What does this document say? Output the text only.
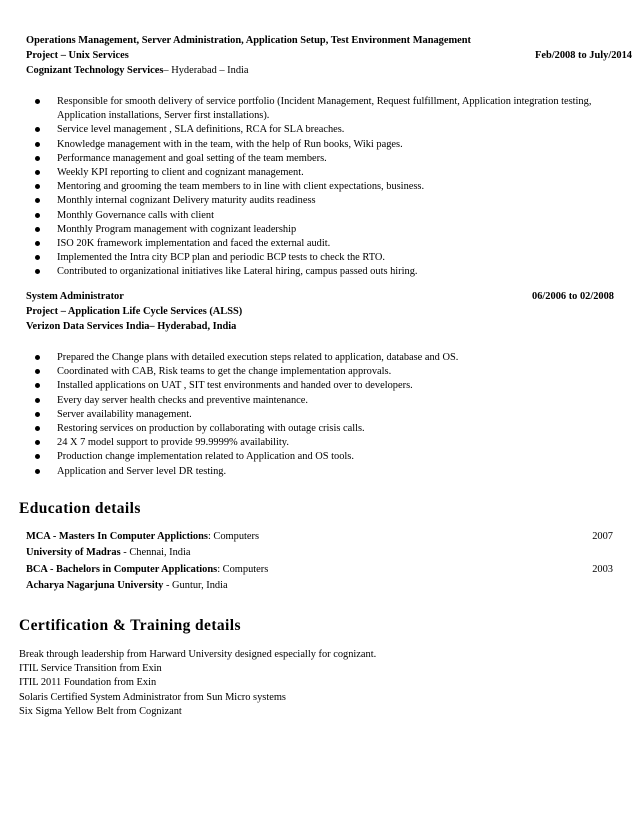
Operations Management, Server Administration, Application Setup, Test Environment Management
Project – Unix Services	Feb/2008 to July/2014
Cognizant Technology Services– Hyderabad – India
Responsible for smooth delivery of service portfolio (Incident Management, Request fulfillment, Application integration testing,
Application installations, Server first installations).
Service level management , SLA definitions, RCA for SLA breaches.
Knowledge management with in the team, with the help of Run books, Wiki pages.
Performance management and goal setting of the team members.
Weekly KPI reporting to client and cognizant management.
Mentoring and grooming the team members to in line with client expectations, business.
Monthly internal cognizant Delivery maturity audits readiness
Monthly Governance calls with client
Monthly Program management with cognizant leadership
ISO 20K framework implementation and faced the external audit.
Implemented the Intra city BCP plan and periodic BCP tests to check the RTO.
Contributed to organizational initiatives like Lateral hiring, campus passed outs hiring.
System Administrator	06/2006 to 02/2008
Project – Application Life Cycle Services (ALSS)
Verizon Data Services India– Hyderabad, India
Prepared the Change plans with detailed execution steps related to application, database and OS.
Coordinated with CAB, Risk teams to get the change implementation approvals.
Installed applications on UAT , SIT test environments and handed over to developers.
Every day server health checks and preventive maintenance.
Server availability management.
Restoring services on production by collaborating with outage crisis calls.
24 X 7 model support to provide 99.9999% availability.
Production change implementation related to Application and OS tools.
Application and Server level DR testing.
Education details
MCA - Masters In Computer Applictions: Computers	2007
University of Madras - Chennai, India
BCA - Bachelors in Computer Applications: Computers	2003
Acharya Nagarjuna University - Guntur, India
Certification & Training details
Break through leadership from Harward University designed especially for cognizant.
ITIL Service Transition from Exin
ITIL 2011 Foundation from Exin
Solaris Certified System Administrator from Sun Micro systems
Six Sigma Yellow Belt from Cognizant
